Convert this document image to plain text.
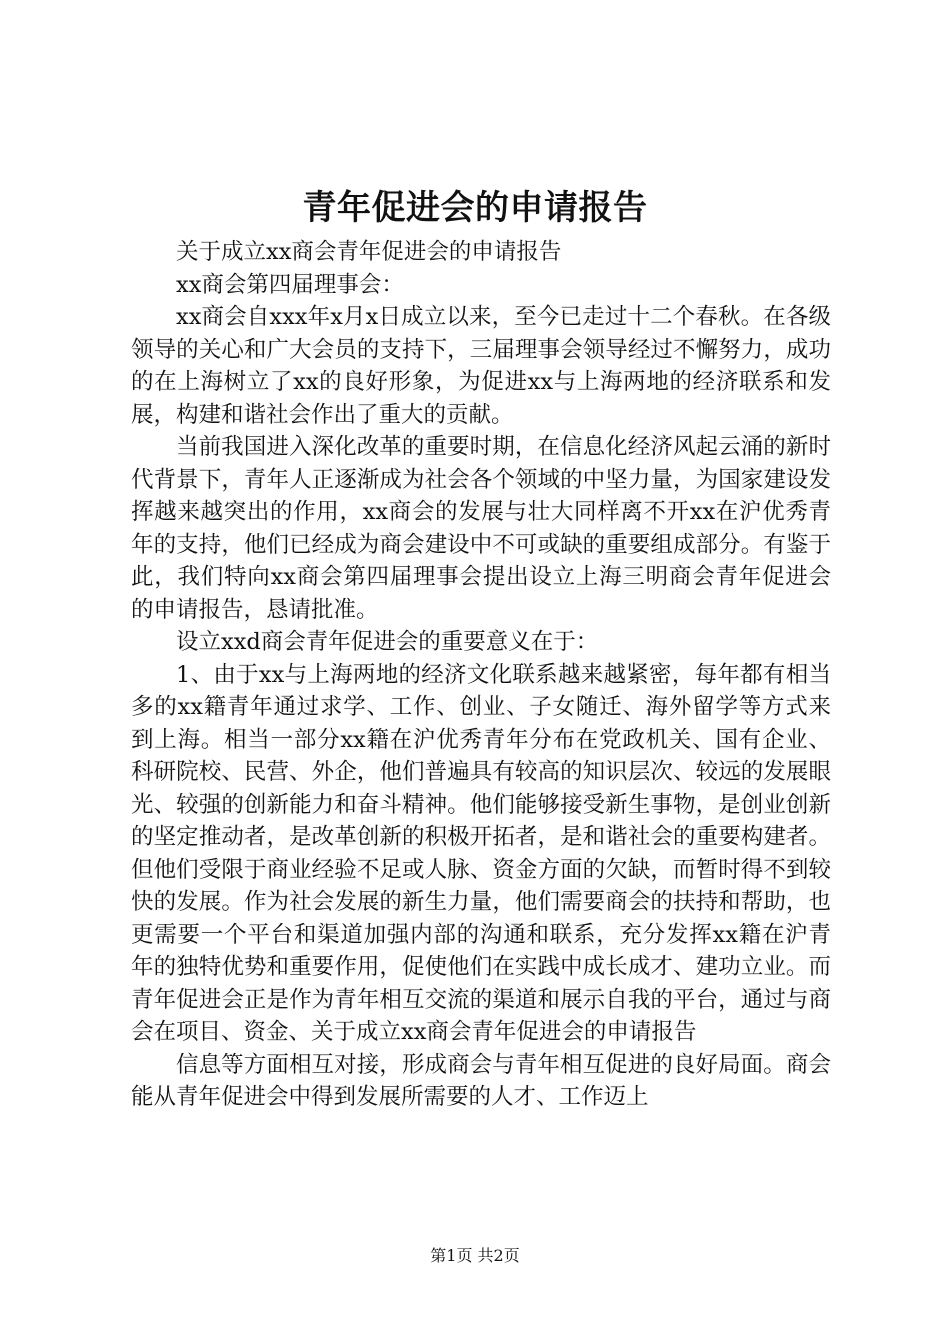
青年促进会的申请报告

关于成立xx商会青年促进会的申请报告

xx商会第四届理事会：

xx商会自xxx年x月x日成立以来，至今已走过十二个春秋。在各级领导的关心和广大会员的支持下，三届理事会领导经过不懈努力，成功的在上海树立了xx的良好形象，为促进xx与上海两地的经济联系和发展，构建和谐社会作出了重大的贡献。

当前我国进入深化改革的重要时期，在信息化经济风起云涌的新时代背景下，青年人正逐渐成为社会各个领域的中坚力量，为国家建设发挥越来越突出的作用，xx商会的发展与壮大同样离不开xx在沪优秀青年的支持，他们已经成为商会建设中不可或缺的重要组成部分。有鉴于此，我们特向xx商会第四届理事会提出设立上海三明商会青年促进会的申请报告，恳请批准。

设立xxd商会青年促进会的重要意义在于：

1、由于xx与上海两地的经济文化联系越来越紧密，每年都有相当多的xx籍青年通过求学、工作、创业、子女随迁、海外留学等方式来到上海。相当一部分xx籍在沪优秀青年分布在党政机关、国有企业、科研院校、民营、外企，他们普遍具有较高的知识层次、较远的发展眼光、较强的创新能力和奋斗精神。他们能够接受新生事物，是创业创新的坚定推动者，是改革创新的积极开拓者，是和谐社会的重要构建者。但他们受限于商业经验不足或人脉、资金方面的欠缺，而暂时得不到较快的发展。作为社会发展的新生力量，他们需要商会的扶持和帮助，也更需要一个平台和渠道加强内部的沟通和联系，充分发挥xx籍在沪青年的独特优势和重要作用，促使他们在实践中成长成才、建功立业。而青年促进会正是作为青年相互交流的渠道和展示自我的平台，通过与商会在项目、资金、关于成立xx商会青年促进会的申请报告

信息等方面相互对接，形成商会与青年相互促进的良好局面。商会能从青年促进会中得到发展所需要的人才、工作迈上

第1页 共2页
